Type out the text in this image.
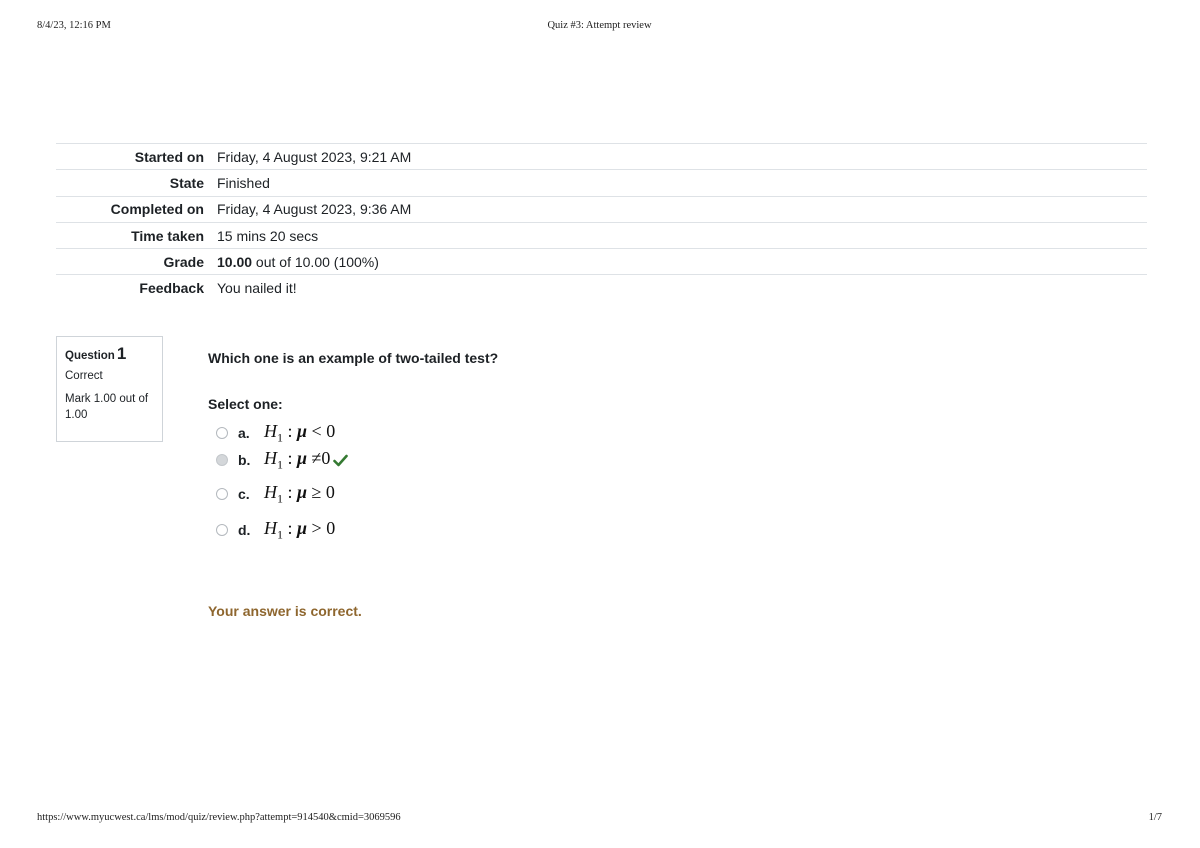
8/4/23, 12:16 PM	Quiz #3: Attempt review
Started on	Friday, 4 August 2023, 9:21 AM
State	Finished
Completed on	Friday, 4 August 2023, 9:36 AM
Time taken	15 mins 20 secs
Grade	10.00 out of 10.00 (100%)
Feedback	You nailed it!
Question 1
Correct
Mark 1.00 out of 1.00
Which one is an example of two-tailed test?
Select one:
a. $H_1$ : μ < 0
b. $H_1$ : μ ≠0
c. $H_1$ : μ ≥ 0
d. $H_1$ : μ > 0
Your answer is correct.
https://www.myucwest.ca/lms/mod/quiz/review.php?attempt=914540&cmid=3069596	1/7
